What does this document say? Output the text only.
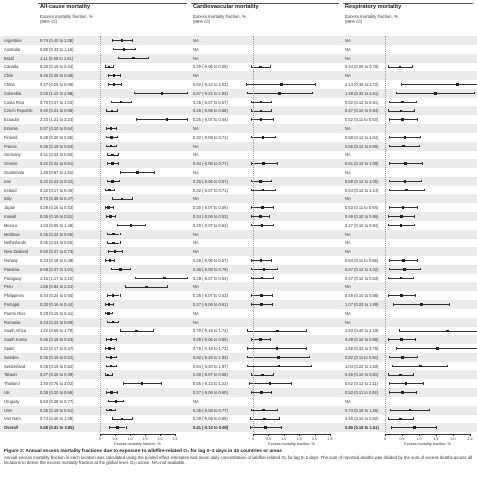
All-cause mortality
Excess mortality fraction, %
(95% CI)
Cardiovascular mortality
Excess mortality fraction, %
(95% CI)
Respiratory mortality
Excess mortality fraction, %
(95% CI)
Argentina	0.74 (0.40 to 1.08)	NA	NA
Australia	0.80 (0.43 to 1.16)	NA	NA
Brazil	1.11 (0.60 to 1.61)	NA	NA
Canada	0.30 (0.16 to 0.44)	0.25 (-0.06 to 0.55)	0.44 (0.09 to 0.78)
Chile	0.46 (0.25 to 0.68)	NA	NA
China	0.47 (0.25 to 0.69)	0.92 (-0.22 to 2.02)	2.14 (0.48 to 3.72)
Colombia	2.06 (1.12 to 2.98)	0.87 (-0.21 to 1.92)	1.48 (0.32 to 2.61)
Costa Rica	0.70 (0.37 to 1.03)	0.26 (-0.07 to 0.57)	0.52 (0.12 to 0.91)
Czech Republic 0.40 (0.21 to 0.58)	0.26 (-0.06 to 0.58)	0.47 (0.10 to 0.84)
Ecuador	2.23 (1.21 to 3.23)	0.26 (-0.07 to 0.64)	0.52 (0.11 to 0.93)
Estonia	0.37 (0.20 to 0.54)	NA	NA
Finland	0.38 (0.20 to 0.55)	0.32 (-0.08 to 0.71)	0.59 (0.12 to 1.04)
France	0.36 (0.19 to 0.53)	NA	0.55 (0.12 to 0.99)
Germany	0.41 (0.22 to 0.60)	NA	NA
Greece	0.42 (0.22 to 0.61)	0.34 (-0.08 to 0.77)	0.61 (0.13 to 1.09)
Guatemala	1.25 (0.67 to 1.81)	NA	NA
Iran	0.42 (0.23 to 0.62)	0.25 (-0.06 to 0.57)	0.59 (0.12 to 1.05)
Ireland	0.32 (0.17 to 0.46)	0.32 (-0.07 to 0.71)	0.64 (0.13 to 1.14)
Italy	0.73 (0.39 to 0.47)	NA	NA
Japan	0.29 (0.16 to 0.43)	0.30 (-0.07 to 0.66)	0.53 (0.11 to 0.94)
Kuwait	0.35 (0.19 to 0.51)	0.24 (-0.06 to 0.53)	0.49 (0.10 to 0.86)
Mexico	1.03 (0.55 to 1.49)	0.29 (-0.07 to 0.64)	0.47 (0.10 to 0.84)
Moldova	0.45 (0.24 to 0.65)	NA	NA
Netherlands	0.45 (0.24 to 0.65)	NA	NA
New Zealand	0.50 (0.27 to 0.73)	NA	NA
Norway	0.33 (0.18 to 0.48)	0.26 (-0.06 to 0.57)	0.54 (0.11 to 0.95)
Panama	0.69 (0.37 to 1.01)	0.36 (-0.08 to 0.79)	0.57 (0.12 to 1.02)
Paraguay	2.15 (1.17 to 3.10)	0.29 (-0.07 to 0.64)	0.47 (0.10 to 0.83)
Peru	1.55 (0.84 to 2.24)	NA	NA
Philippines	0.44 (0.24 to 0.65)	0.28 (-0.07 to 0.63)	0.49 (0.10 to 0.88)
Portugal	0.30 (0.16 to 0.44)	0.27 (-0.06 to 0.61)	1.07 (0.23 to 1.89)
Puerto Rico	0.28 (0.15 to 0.41)	NA	NA
Romania	0.43 (0.23 to 0.59)	NA	NA
South Africa	1.22 (0.66 to 1.78)	0.79 (-0.19 to 1.72)	1.83 (0.40 to 3.19)
South Korea	0.36 (0.19 to 0.53)	0.25 (-0.06 to 0.55)	0.49 (0.10 to 0.88)
Spain	0.32 (0.17 to 0.47)	0.78 (-0.19 to 1.72)	1.55 (0.33 to 2.75)
Sweden	0.36 (0.19 to 0.52)	0.82 (-0.20 to 1.82)	0.52 (0.11 to 0.94)
Switzerland	0.36 (0.19 to 0.52)	0.84 (-0.20 to 1.87)	1.04 (0.22 to 1.83)
Taiwan	0.27 (0.15 to 0.39)	0.30 (-0.07 to 0.66)	0.45 (0.10 to 0.81)
Thailand	1.40 (0.76 to 2.02)	0.55 (-0.13 to 1.22)	0.62 (0.13 to 1.11)
UK	0.38 (0.20 to 0.56)	0.27 (-0.06 to 0.60)	0.52 (0.11 to 0.92)
Uruguay	0.53 (0.28 to 0.77)	NA	NA
USA	0.35 (0.19 to 0.51)	0.35 (-0.08 to 0.77)	0.73 (0.15 to 1.28)
Viet Nam	0.74 (0.40 to 1.08)	0.38 (-0.09 to 0.85)	0.46 (0.10 to 0.82)
Overall	0.58 (0.31 to 0.85)	0.41 (-0.10 to 0.90)	0.86 (0.18 to 1.51)
0	0.5	1.0	1.5	2.0	2.5
Excess mortality fraction, %
0	0.5	1.0	1.5	2.0	2.5
Excess mortality fraction, %
0	0.5	1.0	1.5	2.0	2.5
Excess mortality fraction, %
Figure 2: Annual excess mortality fractions due to exposure to wildfire-related O₃ for lag 0–2 days in 43 countries or areas
Annual excess mortality fraction in each location was calculated using the pooled effect estimates and mean daily concentration of wildfire-related O₃ for lag 0–2 days. The sum of reported deaths was divided by the sum of excess deaths across all locations to derive the excess mortality fraction at the global level. O₃=ozone. NA=not available.
